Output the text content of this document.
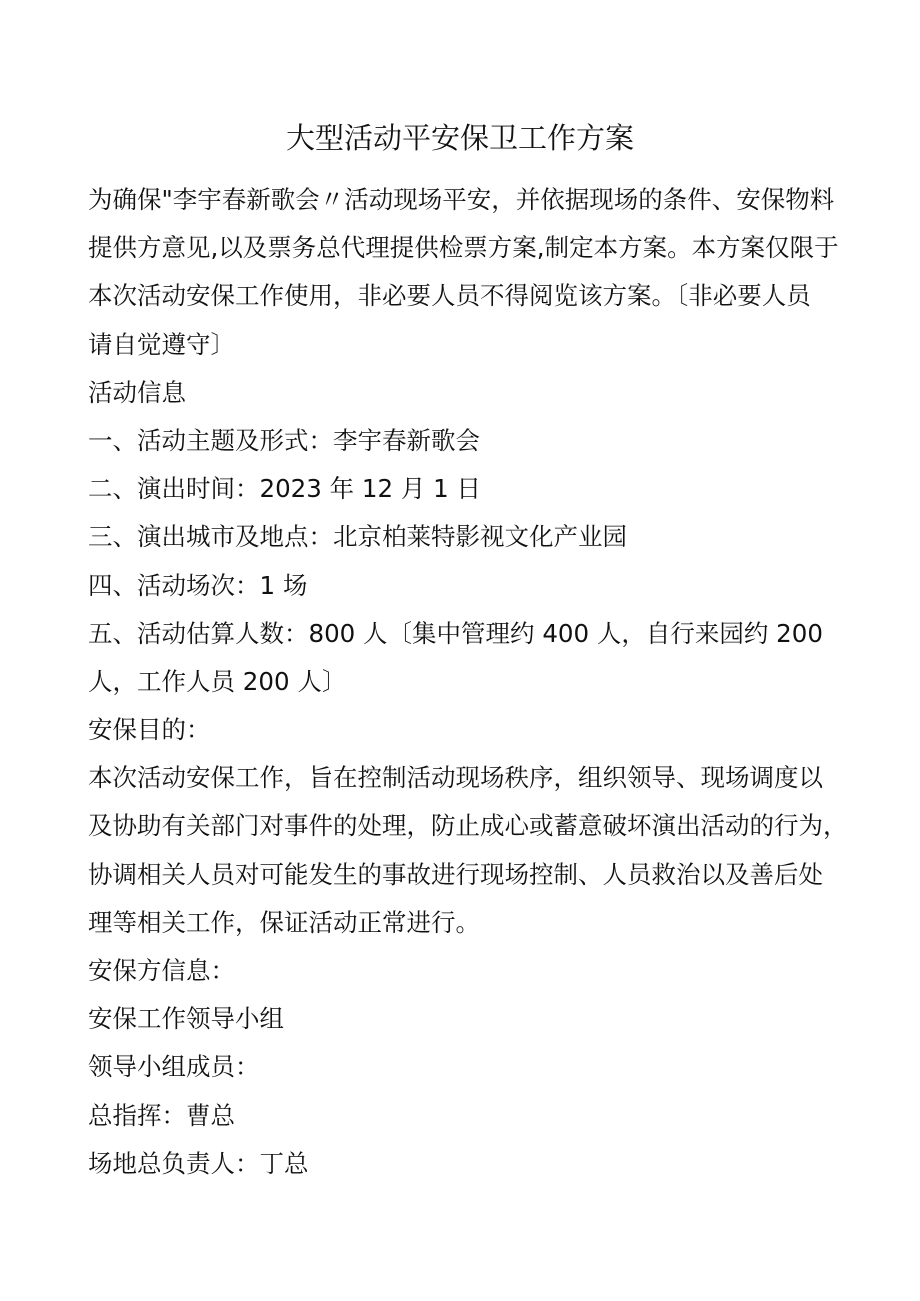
大型活动平安保卫工作方案

为确保"李宇春新歌会〃活动现场平安，并依据现场的条件、安保物料

提供方意见,以及票务总代理提供检票方案,制定本方案。本方案仅限于

本次活动安保工作使用，非必要人员不得阅览该方案。〔非必要人员

请自觉遵守〕

活动信息

一、活动主题及形式：李宇春新歌会

二、演出时间：2023 年 12 月 1 日

三、演出城市及地点：北京柏莱特影视文化产业园

四、活动场次：1 场

五、活动估算人数：800 人〔集中管理约 400 人，自行来园约 200

人，工作人员 200 人〕

安保目的：

本次活动安保工作，旨在控制活动现场秩序，组织领导、现场调度以

及协助有关部门对事件的处理，防止成心或蓄意破坏演出活动的行为，

协调相关人员对可能发生的事故进行现场控制、人员救治以及善后处

理等相关工作，保证活动正常进行。

安保方信息：

安保工作领导小组

领导小组成员：

总指挥：曹总

场地总负责人：丁总
